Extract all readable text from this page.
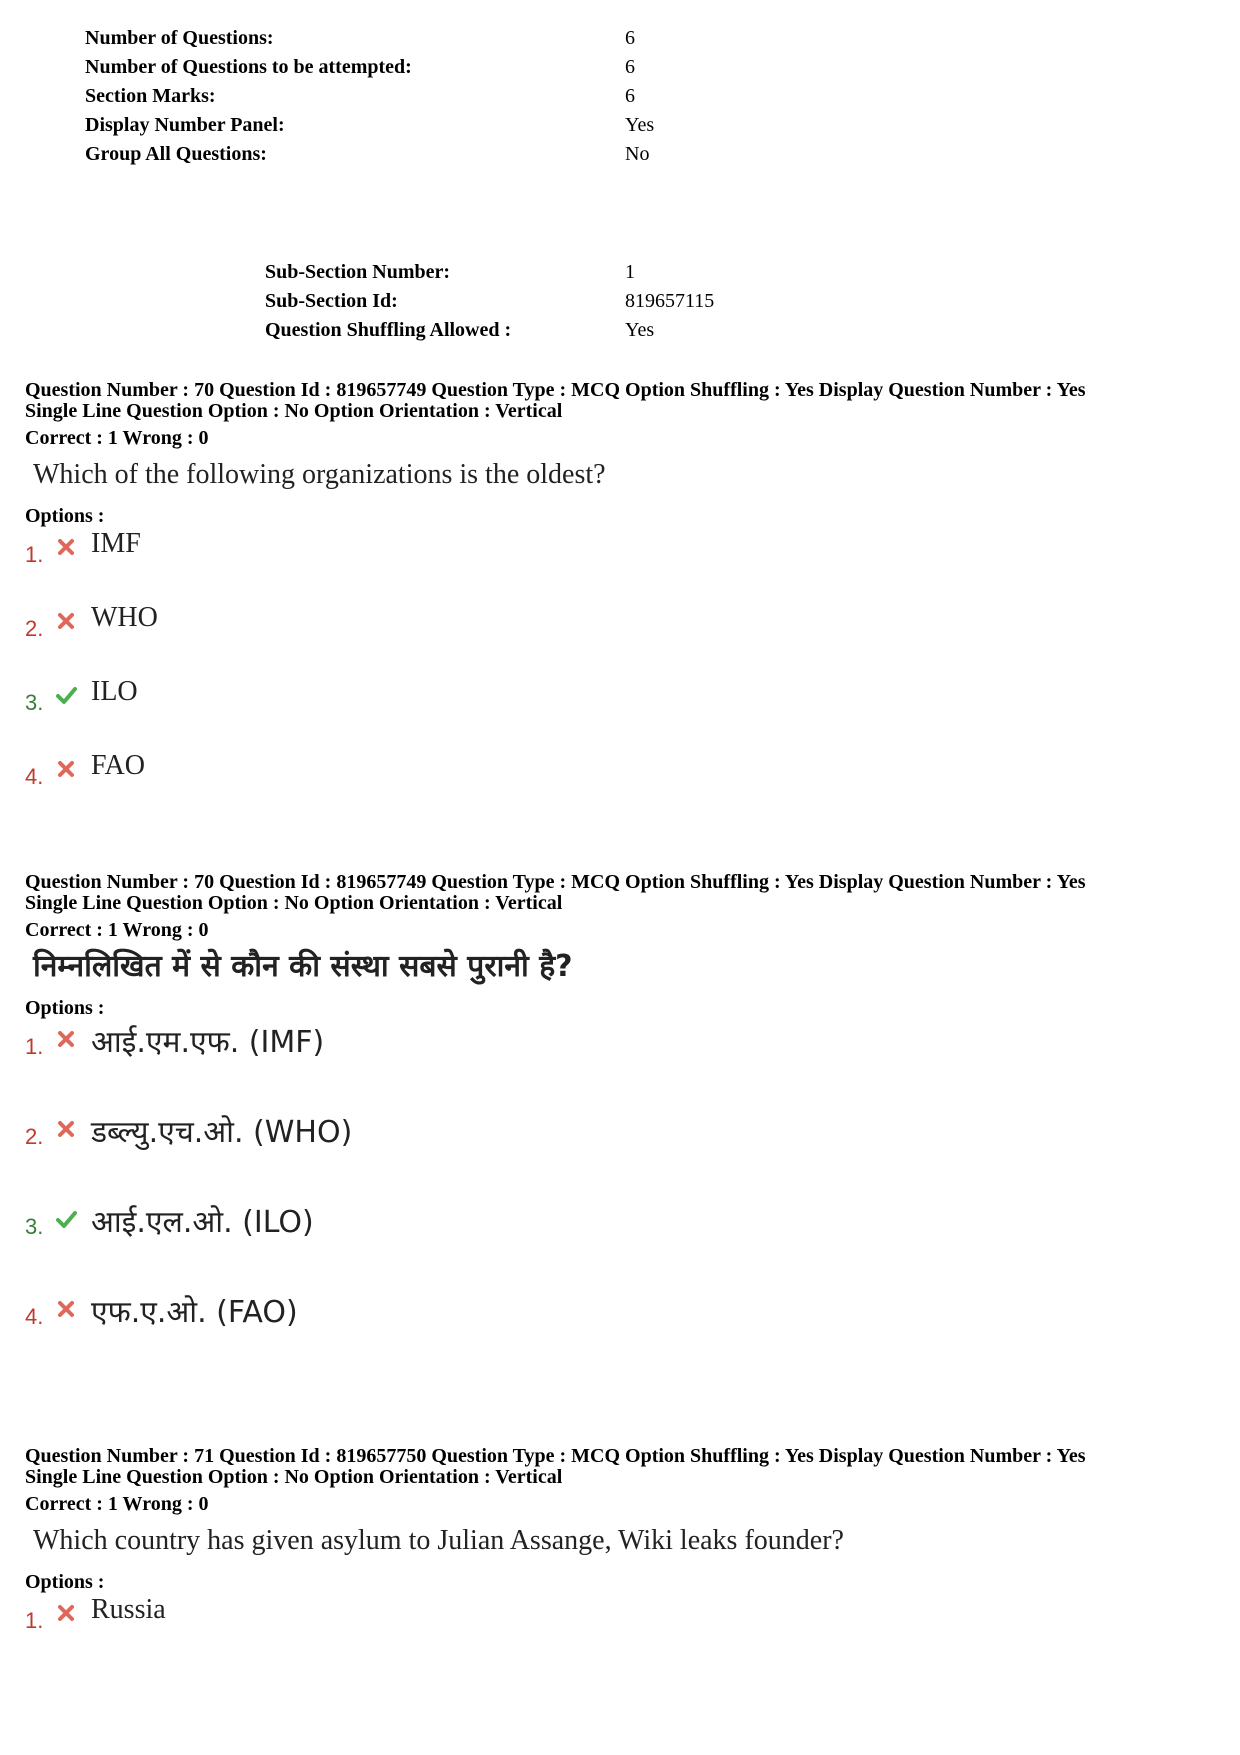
Number of Questions:	6
Number of Questions to be attempted:	6
Section Marks:	6
Display Number Panel:	Yes
Group All Questions:	No
Sub-Section Number:	1
Sub-Section Id:	819657115
Question Shuffling Allowed :	Yes
Question Number : 70 Question Id : 819657749 Question Type : MCQ Option Shuffling : Yes Display Question Number : Yes
Single Line Question Option : No Option Orientation : Vertical
Correct : 1 Wrong : 0
Which of the following organizations is the oldest?
Options :
1. IMF
2. WHO
3. ILO
4. FAO
Question Number : 70 Question Id : 819657749 Question Type : MCQ Option Shuffling : Yes Display Question Number : Yes
Single Line Question Option : No Option Orientation : Vertical
Correct : 1 Wrong : 0
निम्नलिखित में से कौन की संस्था सबसे पुरानी है?
Options :
1. आई.एम.एफ. (IMF)
2. डब्ल्यु.एच.ओ. (WHO)
3. आई.एल.ओ. (ILO)
4. एफ.ए.ओ. (FAO)
Question Number : 71 Question Id : 819657750 Question Type : MCQ Option Shuffling : Yes Display Question Number : Yes
Single Line Question Option : No Option Orientation : Vertical
Correct : 1 Wrong : 0
Which country has given asylum to Julian Assange, Wiki leaks founder?
Options :
1. Russia
